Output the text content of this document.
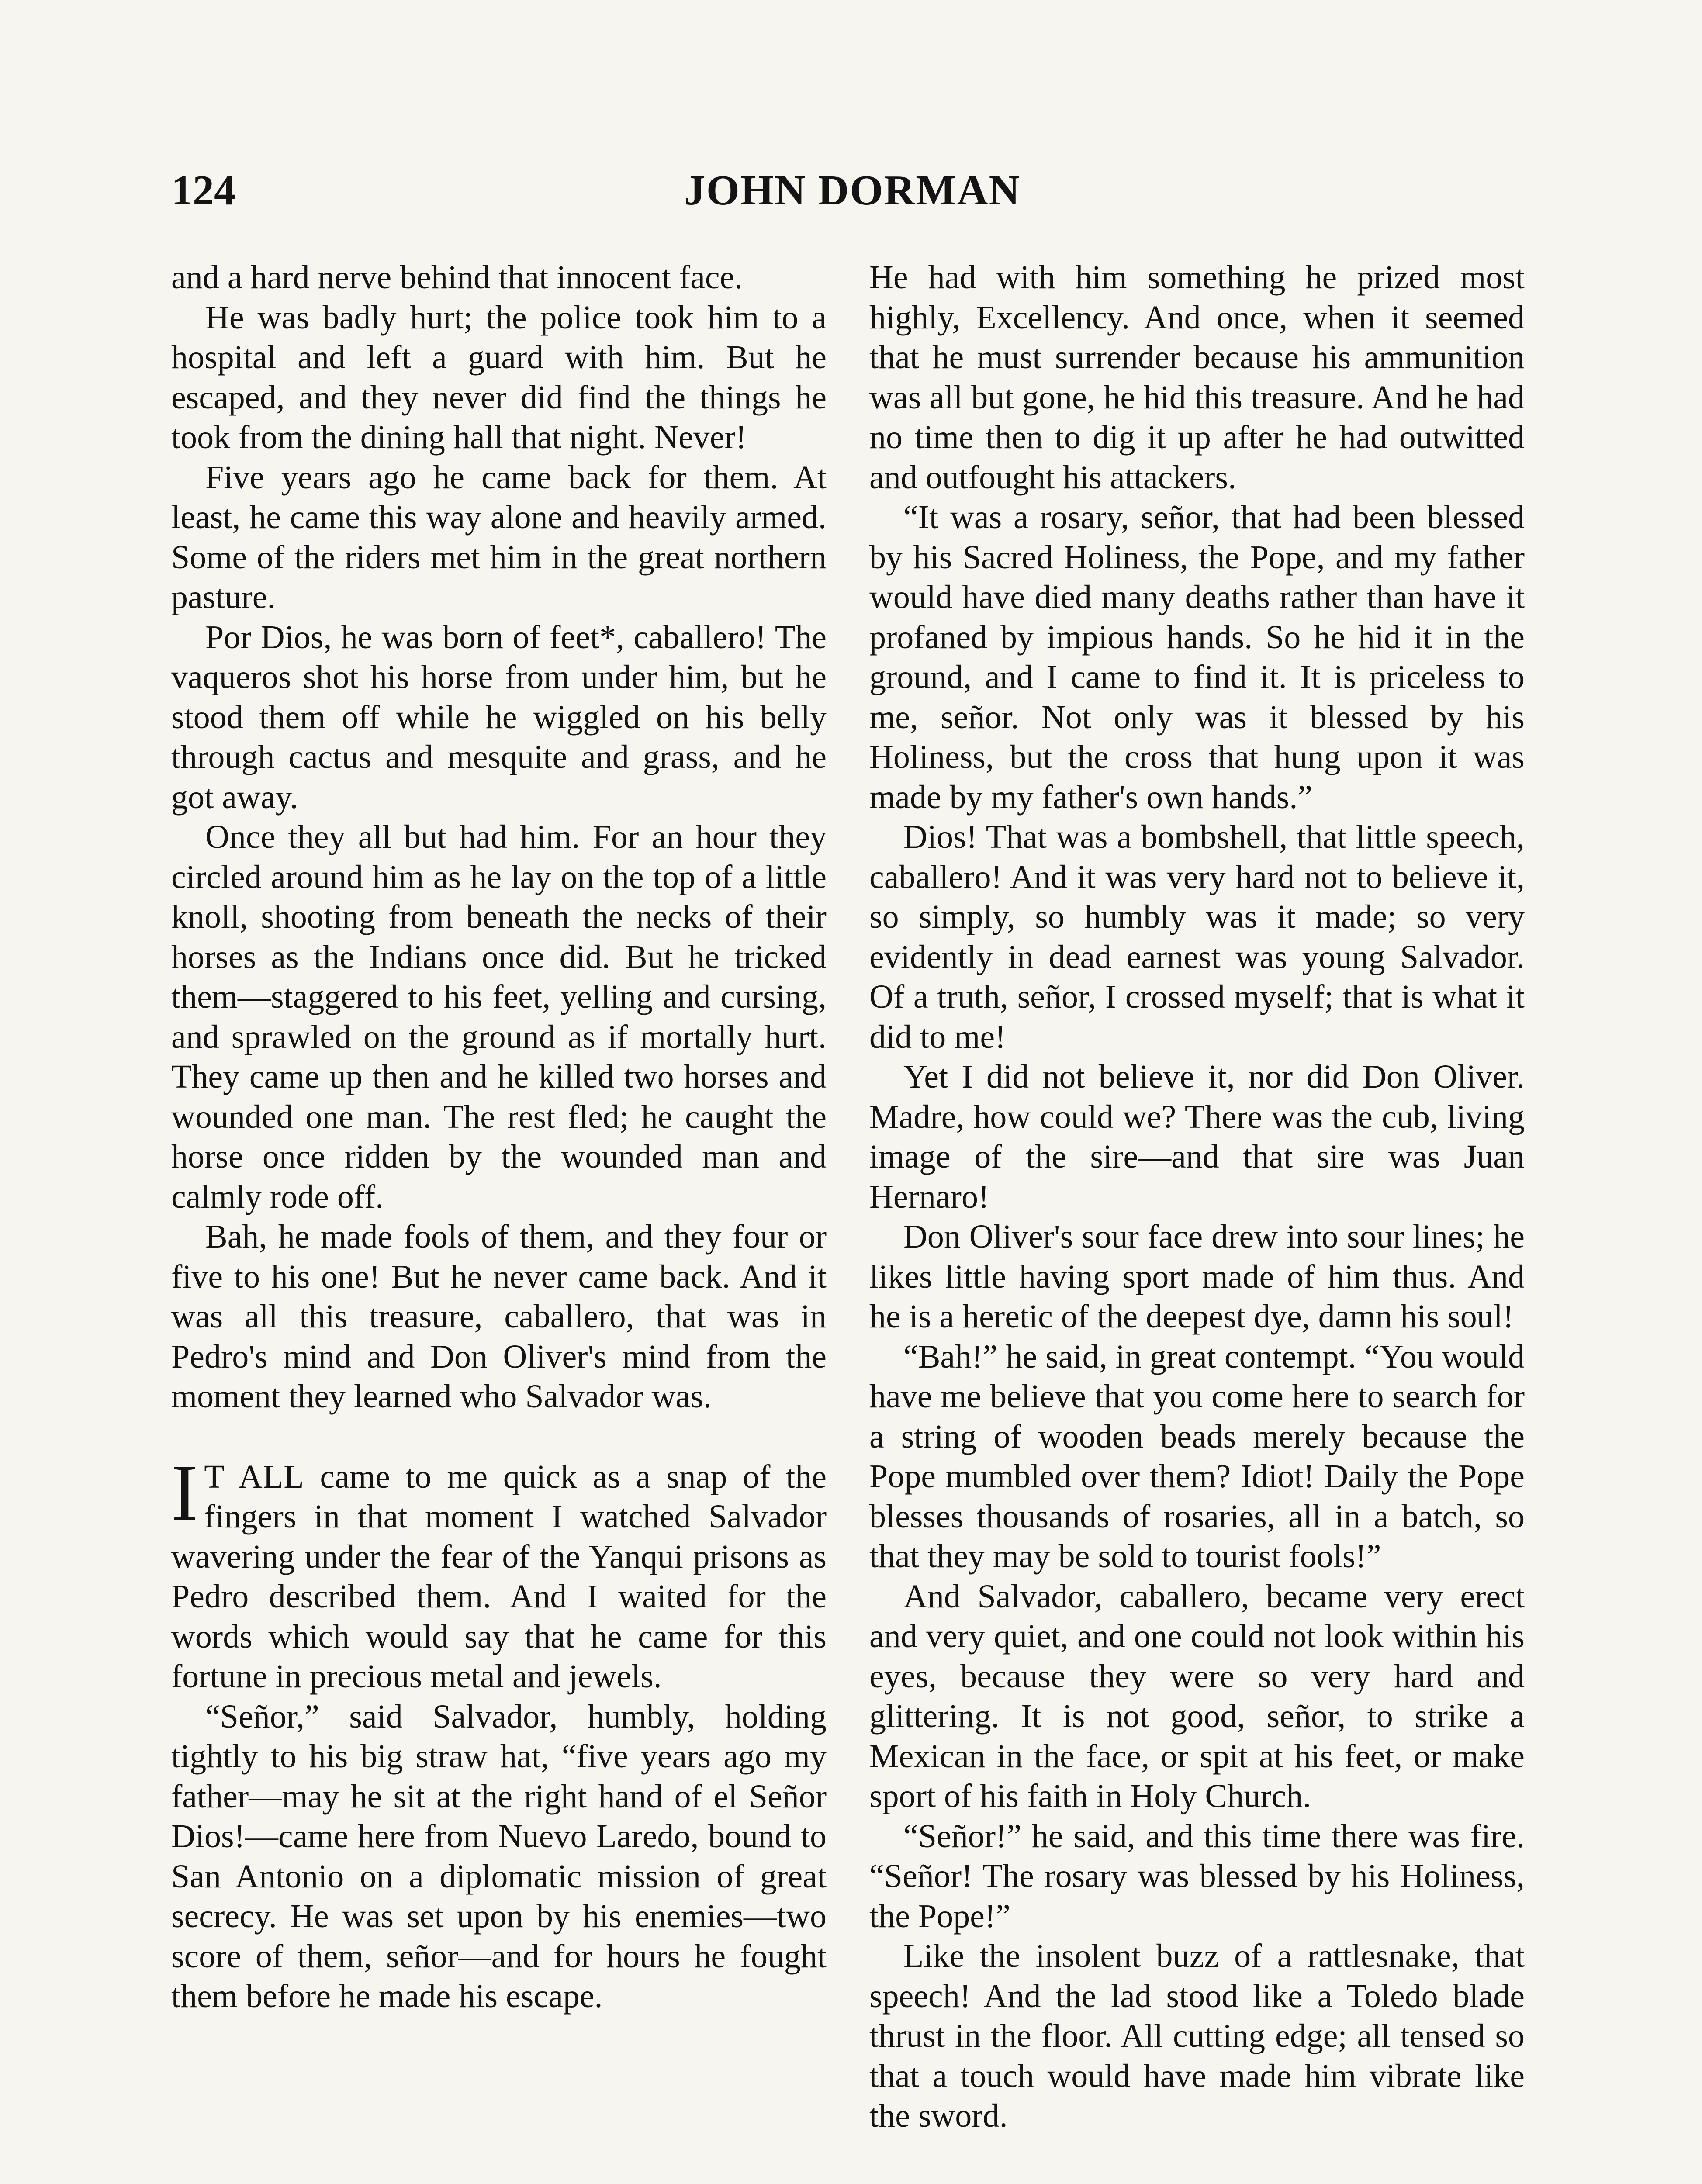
124	JOHN DORMAN

and a hard nerve behind that innocent face.

He was badly hurt; the police took him to a hospital and left a guard with him. But he escaped, and they never did find the things he took from the dining hall that night. Never!

Five years ago he came back for them. At least, he came this way alone and heavily armed. Some of the riders met him in the great northern pasture.

Por Dios, he was born of feet*, caballero! The vaqueros shot his horse from under him, but he stood them off while he wiggled on his belly through cactus and mesquite and grass, and he got away.

Once they all but had him. For an hour they circled around him as he lay on the top of a little knoll, shooting from beneath the necks of their horses as the Indians once did. But he tricked them—staggered to his feet, yelling and cursing, and sprawled on the ground as if mortally hurt. They came up then and he killed two horses and wounded one man. The rest fled; he caught the horse once ridden by the wounded man and calmly rode off.

Bah, he made fools of them, and they four or five to his one! But he never came back. And it was all this treasure, caballero, that was in Pedro's mind and Don Oliver's mind from the moment they learned who Salvador was.

I T ALL came to me quick as a snap of the fingers in that moment I watched Salvador wavering under the fear of the Yanqui prisons as Pedro described them. And I waited for the words which would say that he came for this fortune in precious metal and jewels.

“Señor,” said Salvador, humbly, holding tightly to his big straw hat, “five years ago my father—may he sit at the right hand of el Señor Dios!—came here from Nuevo Laredo, bound to San Antonio on a diplomatic mission of great secrecy. He was set upon by his enemies—two score of them, señor—and for hours he fought them before he made his escape.

He had with him something he prized most highly, Excellency. And once, when it seemed that he must surrender because his ammunition was all but gone, he hid this treasure. And he had no time then to dig it up after he had outwitted and outfought his attackers.

“It was a rosary, señor, that had been blessed by his Sacred Holiness, the Pope, and my father would have died many deaths rather than have it profaned by impious hands. So he hid it in the ground, and I came to find it. It is priceless to me, señor. Not only was it blessed by his Holiness, but the cross that hung upon it was made by my father's own hands.”

Dios! That was a bombshell, that little speech, caballero! And it was very hard not to believe it, so simply, so humbly was it made; so very evidently in dead earnest was young Salvador. Of a truth, señor, I crossed myself; that is what it did to me!

Yet I did not believe it, nor did Don Oliver. Madre, how could we? There was the cub, living image of the sire—and that sire was Juan Hernaro!

Don Oliver's sour face drew into sour lines; he likes little having sport made of him thus. And he is a heretic of the deepest dye, damn his soul!

“Bah!” he said, in great contempt. “You would have me believe that you come here to search for a string of wooden beads merely because the Pope mumbled over them? Idiot! Daily the Pope blesses thousands of rosaries, all in a batch, so that they may be sold to tourist fools!”

And Salvador, caballero, became very erect and very quiet, and one could not look within his eyes, because they were so very hard and glittering. It is not good, señor, to strike a Mexican in the face, or spit at his feet, or make sport of his faith in Holy Church.

“Señor!” he said, and this time there was fire. “Señor! The rosary was blessed by his Holiness, the Pope!”

Like the insolent buzz of a rattlesnake, that speech! And the lad stood like a Toledo blade thrust in the floor. All cutting edge; all tensed so that a touch would have made him vibrate like the sword.
